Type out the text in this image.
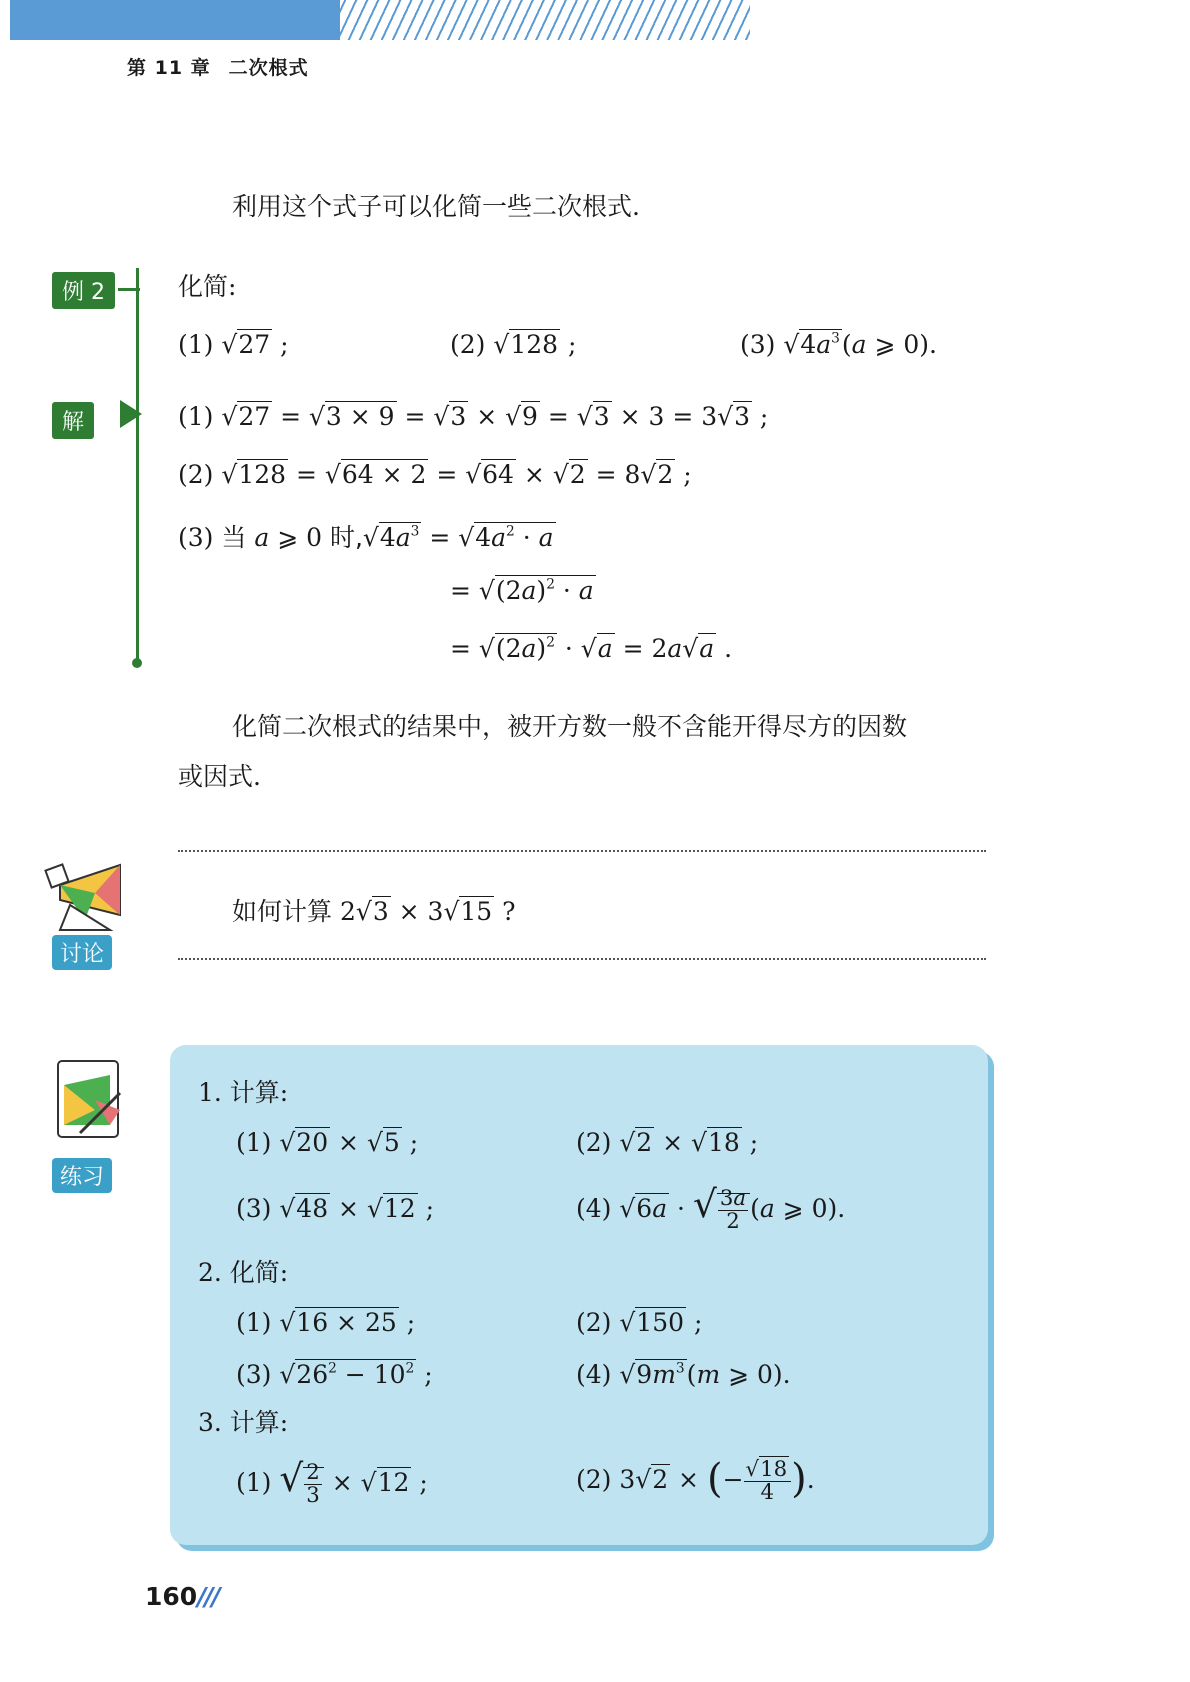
第 11 章 二次根式
利用这个式子可以化简一些二次根式.
例 2	化简:
(1) √27 ;	(2) √128 ;	(3) $√4a^3(a$ ⩾ 0).
解	(1) √27 = √3 × 9 = √3 × √9 = √3 × 3 = 3√3 ;
(2) √128 = √64 × 2 = √64 × √2 = 8√2 ;
(3) 当 a ⩾ 0 时$,√4a^3 = √4a^2 \cdot a$
= $√(2a)^2 \cdot a$
= $√(2a)^2 \cdot √a = 2a√a$ .
化简二次根式的结果中，被开方数一般不含能开得尽方的因数
或因式.
讨论
如何计算 2√3 × 3√15 ?
练习
1. 计算:
(1) √20 × √5 ;	(2) √2 × √18 ;
(3) √48 × √12 ;	(4) √6a · √ $\frac{3a}{2} (a$ ⩾ 0).
2. 化简:
(1) √16 × 25 ;	(2) √150 ;
(3) $√26^2 - 10^2$ ;	(4) $√9m^3(m$ ⩾ 0).
3. 计算:
(1) √ $\frac{2}{3} \times √12$ ;	(2) 3√2 × (− $\frac{√18}{4}$ ).
160///
